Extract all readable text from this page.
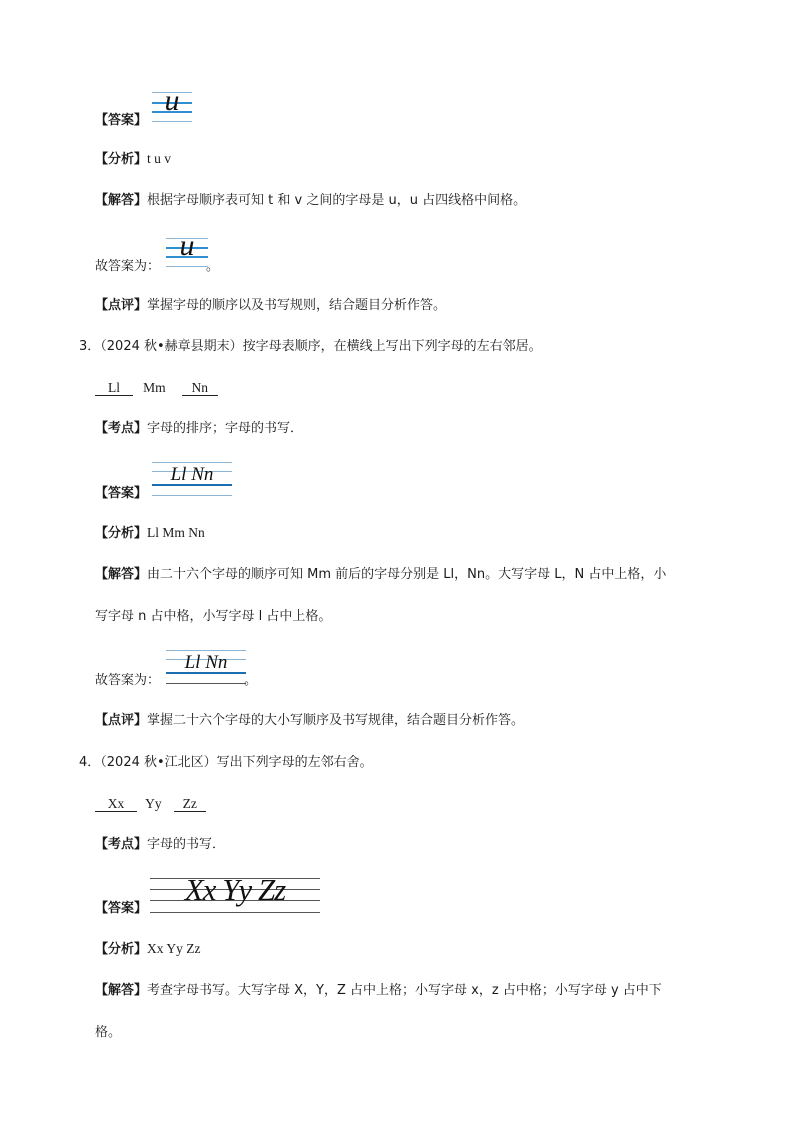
【答案】
u
【分析】t u v
【解答】根据字母顺序表可知 t 和 v 之间的字母是 u，u 占四线格中间格。
故答案为：	。
u
【点评】掌握字母的顺序以及书写规则，结合题目分析作答。
3．（2024 秋•赫章县期末）按字母表顺序，在横线上写出下列字母的左右邻居。
Ll Mm Nn
【考点】字母的排序；字母的书写．
【答案】
Ll Nn
【分析】Ll Mm Nn
【解答】由二十六个字母的顺序可知 Mm 前后的字母分别是 Ll，Nn。大写字母 L，N 占中上格，小
写字母 n 占中格，小写字母 l 占中上格。
故答案为：	。
Ll Nn
【点评】掌握二十六个字母的大小写顺序及书写规律，结合题目分析作答。
4．（2024 秋•江北区）写出下列字母的左邻右舍。
Xx Yy Zz
【考点】字母的书写．
【答案】
Xx Yy Zz
【分析】Xx Yy Zz
【解答】考查字母书写。大写字母 X，Y，Z 占中上格；小写字母 x，z 占中格；小写字母 y 占中下
格。
